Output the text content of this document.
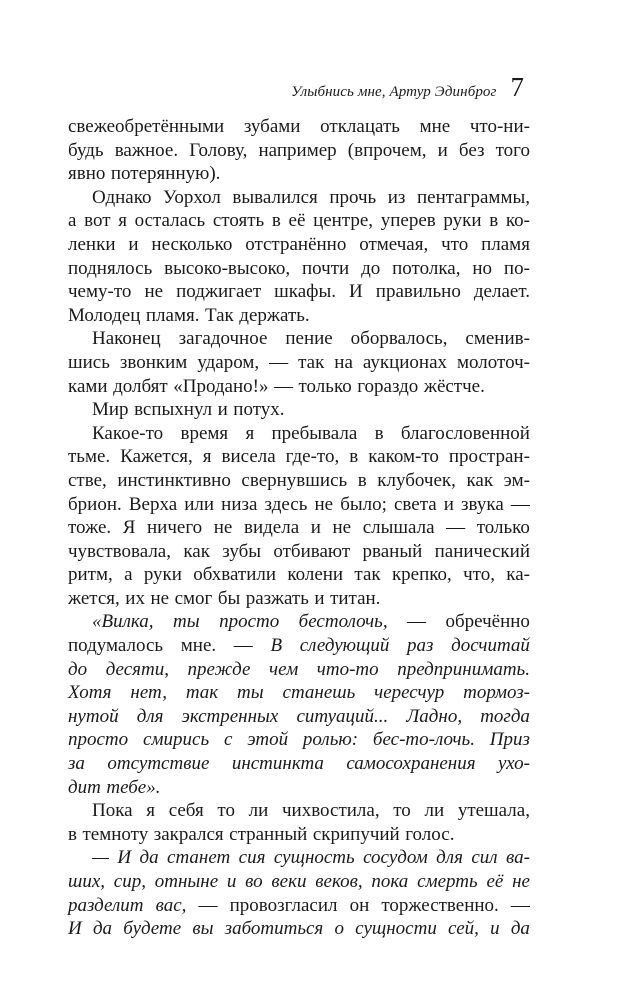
Улыбнись мне, Артур Эдинброг 7
свежеобретёнными зубами отклацать мне что-ни-
будь важное. Голову, например (впрочем, и без того
явно потерянную).
Однако Уорхол вывалился прочь из пентаграммы,
а вот я осталась стоять в её центре, уперев руки в ко-
ленки и несколько отстранённо отмечая, что пламя
поднялось высоко-высоко, почти до потолка, но по-
чему-то не поджигает шкафы. И правильно делает.
Молодец пламя. Так держать.
Наконец загадочное пение оборвалось, сменив-
шись звонким ударом, — так на аукционах молоточ-
ками долбят «Продано!» — только гораздо жёстче.
Мир вспыхнул и потух.
Какое-то время я пребывала в благословенной
тьме. Кажется, я висела где-то, в каком-то простран-
стве, инстинктивно свернувшись в клубочек, как эм-
брион. Верха или низа здесь не было; света и звука —
тоже. Я ничего не видела и не слышала — только
чувствовала, как зубы отбивают рваный панический
ритм, а руки обхватили колени так крепко, что, ка-
жется, их не смог бы разжать и титан.
«Вилка, ты просто бестолочь, — обречённо
подумалось мне. — В следующий раз досчитай
до десяти, прежде чем что-то предпринимать.
Хотя нет, так ты станешь чересчур тормоз-
нутой для экстренных ситуаций... Ладно, тогда
просто смирись с этой ролью: бес-то-лочь. Приз
за отсутствие инстинкта самосохранения ухо-
дит тебе».
Пока я себя то ли чихвостила, то ли утешала,
в темноту закрался странный скрипучий голос.
— И да станет сия сущность сосудом для сил ва-
ших, сир, отныне и во веки веков, пока смерть её не
разделит вас, — провозгласил он торжественно. —
И да будете вы заботиться о сущности сей, и да
